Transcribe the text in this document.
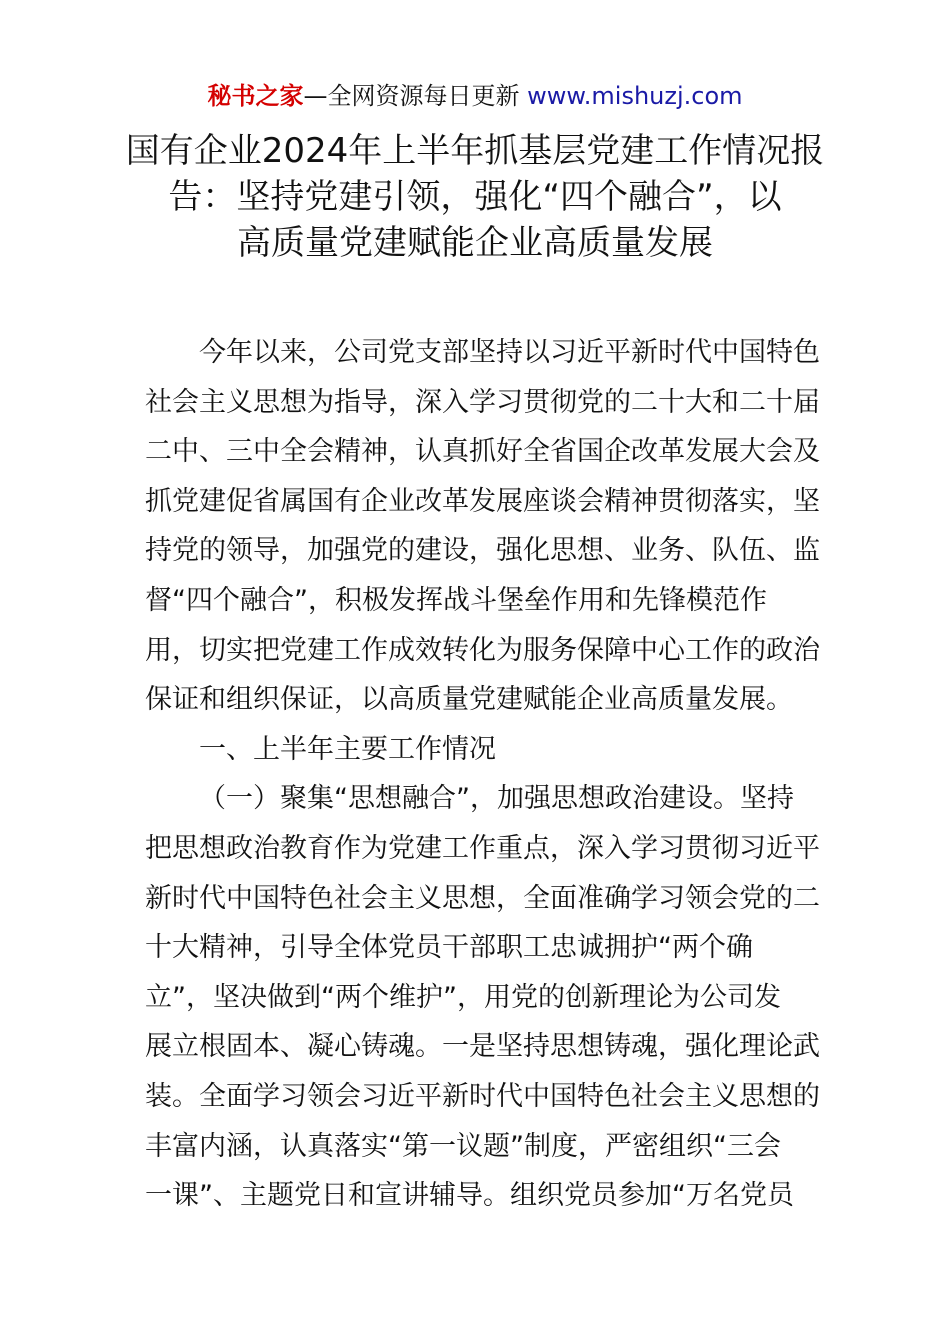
秘书之家—全网资源每日更新 www.mishuzj.com
国有企业2024年上半年抓基层党建工作情况报
告：坚持党建引领，强化“四个融合”，以
高质量党建赋能企业高质量发展
今年以来，公司党支部坚持以习近平新时代中国特色
社会主义思想为指导，深入学习贯彻党的二十大和二十届
二中、三中全会精神，认真抓好全省国企改革发展大会及
抓党建促省属国有企业改革发展座谈会精神贯彻落实，坚
持党的领导，加强党的建设，强化思想、业务、队伍、监
督“四个融合”，积极发挥战斗堡垒作用和先锋模范作
用，切实把党建工作成效转化为服务保障中心工作的政治
保证和组织保证，以高质量党建赋能企业高质量发展。
一、上半年主要工作情况
（一）聚集“思想融合”，加强思想政治建设。坚持
把思想政治教育作为党建工作重点，深入学习贯彻习近平
新时代中国特色社会主义思想，全面准确学习领会党的二
十大精神，引导全体党员干部职工忠诚拥护“两个确
立”，坚决做到“两个维护”，用党的创新理论为公司发
展立根固本、凝心铸魂。一是坚持思想铸魂，强化理论武
装。全面学习领会习近平新时代中国特色社会主义思想的
丰富内涵，认真落实“第一议题”制度，严密组织“三会
一课”、主题党日和宣讲辅导。组织党员参加“万名党员
